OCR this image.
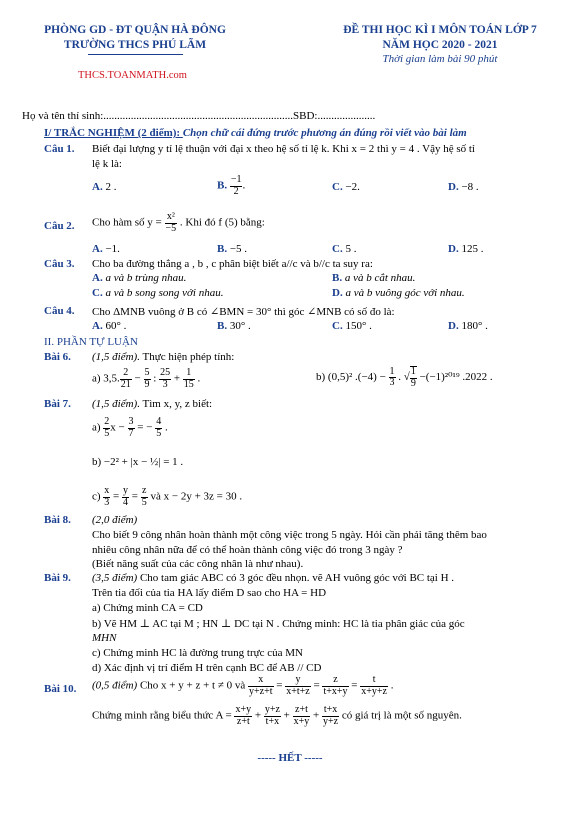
PHÒNG GD - ĐT QUẬN HÀ ĐÔNG
TRƯỜNG THCS PHÚ LÃM
THCS.TOANMATH.com
ĐỀ THI HỌC KÌ I MÔN TOÁN LỚP 7
NĂM HỌC 2020 - 2021
Thời gian làm bài 90 phút
Họ và tên thí sinh:.....................................................................SBD:.....................
I/ TRẮC NGHIỆM (2 điểm): Chọn chữ cái đứng trước phương án đúng rồi viết vào bài làm
Câu 1. Biết đại lượng y tỉ lệ thuận với đại x theo hệ số tỉ lệ k. Khi x = 2 thì y = 4 . Vậy hệ số tỉ
lệ k là:
A. 2 .	B. $\frac{-1}{2}$ .	C. −2.	D. −8 .
Câu 2. Cho hàm số $y = \frac{\text{x²}}{-5}$ . Khi đó f (5) bằng:
A. −1.	B. −5 .	C. 5 .	D. 125 .
Câu 3. Cho ba đường thẳng a , b , c phân biệt biết a//c và b//c ta suy ra:
A. a và b trùng nhau.	B. a và b cắt nhau.
C. a và b song song với nhau.	D. a và b vuông góc với nhau.
Câu 4. Cho ΔMNB vuông ở B có ∠BMN = 30° thì góc ∠MNB có số đo là:
A. 60° .	B. 30° .	C. 150° .	D. 180° .
II. PHẦN TỰ LUẬN
Bài 6. (1,5 điểm). Thực hiện phép tính:
a) 3,5. $\frac{2}{21} - \frac{5}{9}$ : $\frac{25}{3} + \frac{1}{15}$ .	b) (0,5)² $.(-4) - \frac{1}{3}$ . √ $\frac{1}{9} -(-1)^{2019}$ .2022 .
Bài 7. (1,5 điểm). Tìm x, y, z biết:
$a) \frac{2}{5}$ $x - \frac{3}{7}$ = − $\frac{4}{5}$ .
b) −2² + |x − ½| = 1 .
$c) \frac{x}{3} = \frac{y}{4} = \frac{z}{5}$ và x − 2y + 3z = 30 .
Bài 8. (2,0 điểm)
Cho biết 9 công nhân hoàn thành một công việc trong 5 ngày. Hỏi cần phải tăng thêm bao
nhiêu công nhân nữa để có thể hoàn thành công việc đó trong 3 ngày ?
(Biết năng suất của các công nhân là như nhau).
Bài 9. (3,5 điểm) Cho tam giác ABC có 3 góc đều nhọn. vẽ AH vuông góc với BC tại H .
Trên tia đối của tia HA lấy điểm D sao cho HA = HD
a) Chứng minh CA = CD
b) Vẽ HM ⊥ AC tại M ; HN ⊥ DC tại N . Chứng minh: HC là tia phân giác của góc
MHN
c) Chứng minh HC là đường trung trực của MN
d) Xác định vị trí điểm H trên cạnh BC để AB // CD
Bài 10. (0,5 điểm) Cho x + y + z + t ≠ 0 và $\frac{x}{y+z+t} = \frac{y}{x+t+z} = \frac{z}{t+x+y} = \frac{t}{x+y+z}$ .
Chứng minh rằng biểu thức $A = \frac{x+y}{z+t} + \frac{y+z}{t+x} + \frac{z+t}{x+y} + \frac{t+x}{y+z}$ có giá trị là một số nguyên.
----- HẾT -----
